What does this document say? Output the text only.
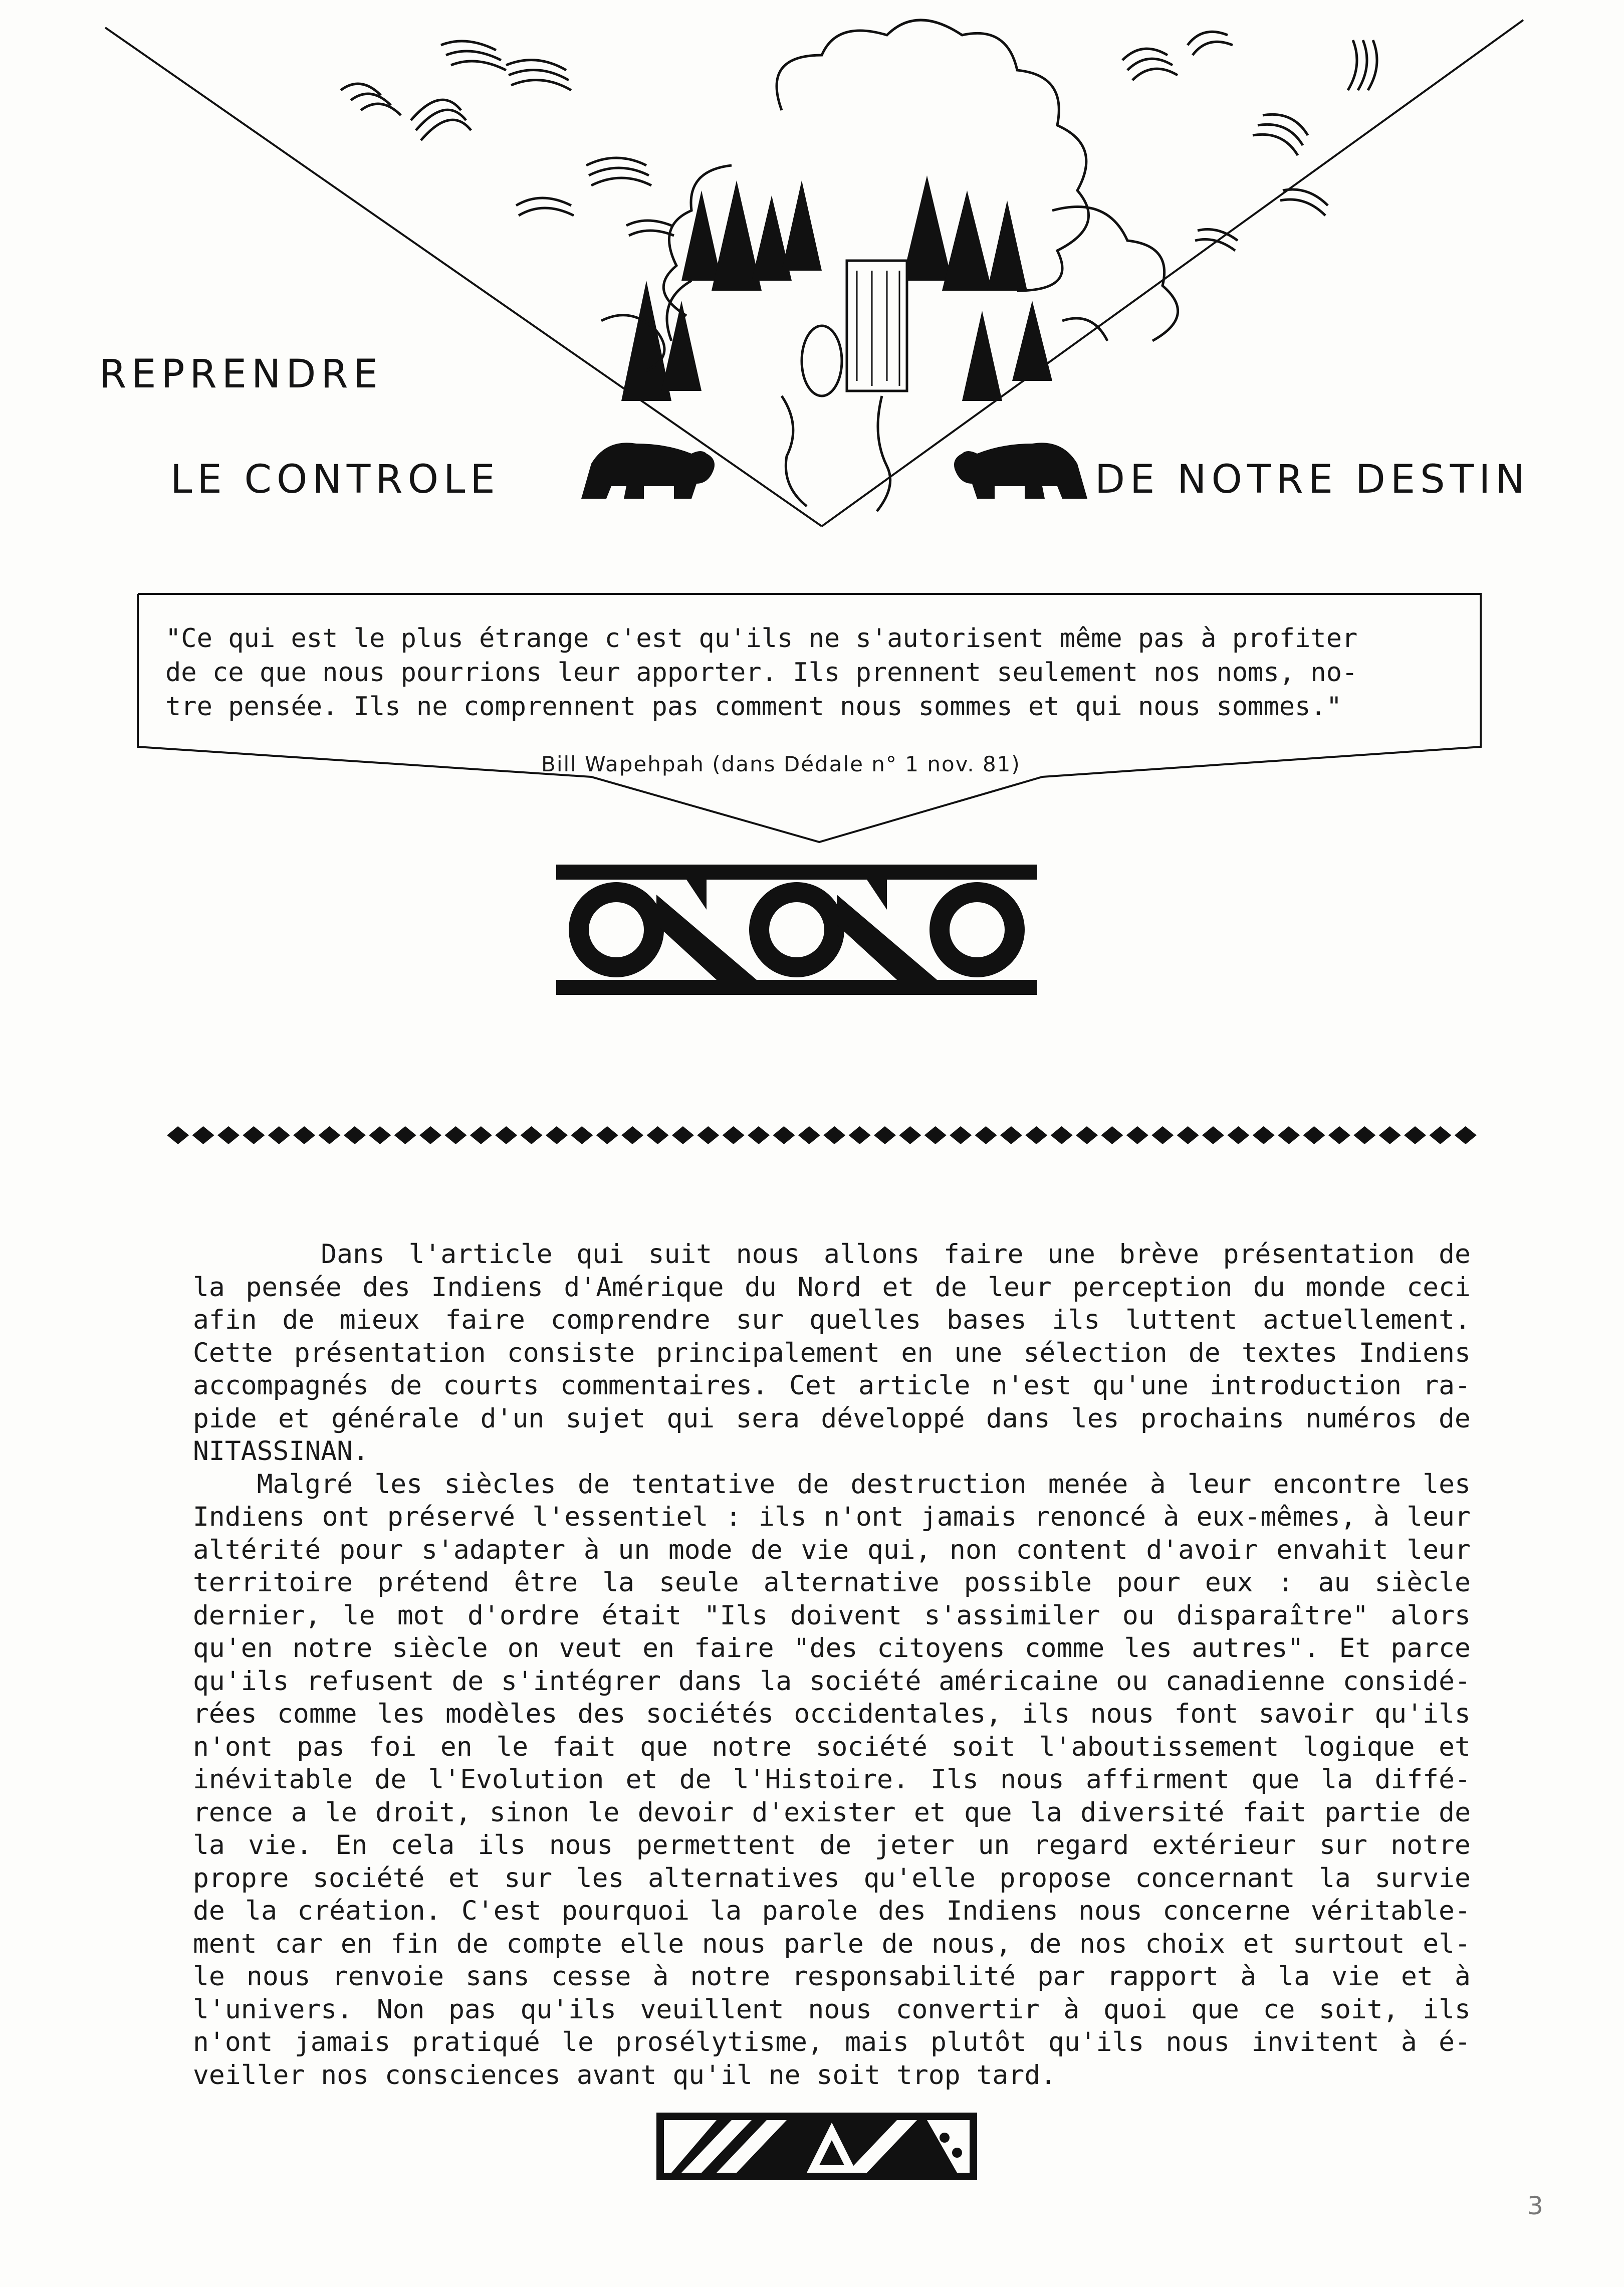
REPRENDRE
LE CONTROLE	DE NOTRE DESTIN
"Ce qui est le plus étrange c'est qu'ils ne s'autorisent même pas à profiter
de ce que nous pourrions leur apporter. Ils prennent seulement nos noms, no-
tre pensée. Ils ne comprennent pas comment nous sommes et qui nous sommes."
Bill Wapehpah (dans Dédale n° 1 nov. 81)
Dans l'article qui suit nous allons faire une brève présentation de
la pensée des Indiens d'Amérique du Nord et de leur perception du monde ceci
afin de mieux faire comprendre sur quelles bases ils luttent actuellement.
Cette présentation consiste principalement en une sélection de textes Indiens
accompagnés de courts commentaires. Cet article n'est qu'une introduction ra-
pide et générale d'un sujet qui sera développé dans les prochains numéros de
NITASSINAN.
Malgré les siècles de tentative de destruction menée à leur encontre les
Indiens ont préservé l'essentiel : ils n'ont jamais renoncé à eux-mêmes, à leur
altérité pour s'adapter à un mode de vie qui, non content d'avoir envahit leur
territoire prétend être la seule alternative possible pour eux : au siècle
dernier, le mot d'ordre était "Ils doivent s'assimiler ou disparaître" alors
qu'en notre siècle on veut en faire "des citoyens comme les autres". Et parce
qu'ils refusent de s'intégrer dans la société américaine ou canadienne considé-
rées comme les modèles des sociétés occidentales, ils nous font savoir qu'ils
n'ont pas foi en le fait que notre société soit l'aboutissement logique et
inévitable de l'Evolution et de l'Histoire. Ils nous affirment que la diffé-
rence a le droit, sinon le devoir d'exister et que la diversité fait partie de
la vie. En cela ils nous permettent de jeter un regard extérieur sur notre
propre société et sur les alternatives qu'elle propose concernant la survie
de la création. C'est pourquoi la parole des Indiens nous concerne véritable-
ment car en fin de compte elle nous parle de nous, de nos choix et surtout el-
le nous renvoie sans cesse à notre responsabilité par rapport à la vie et à
l'univers. Non pas qu'ils veuillent nous convertir à quoi que ce soit, ils
n'ont jamais pratiqué le prosélytisme, mais plutôt qu'ils nous invitent à é-
veiller nos consciences avant qu'il ne soit trop tard.
3
